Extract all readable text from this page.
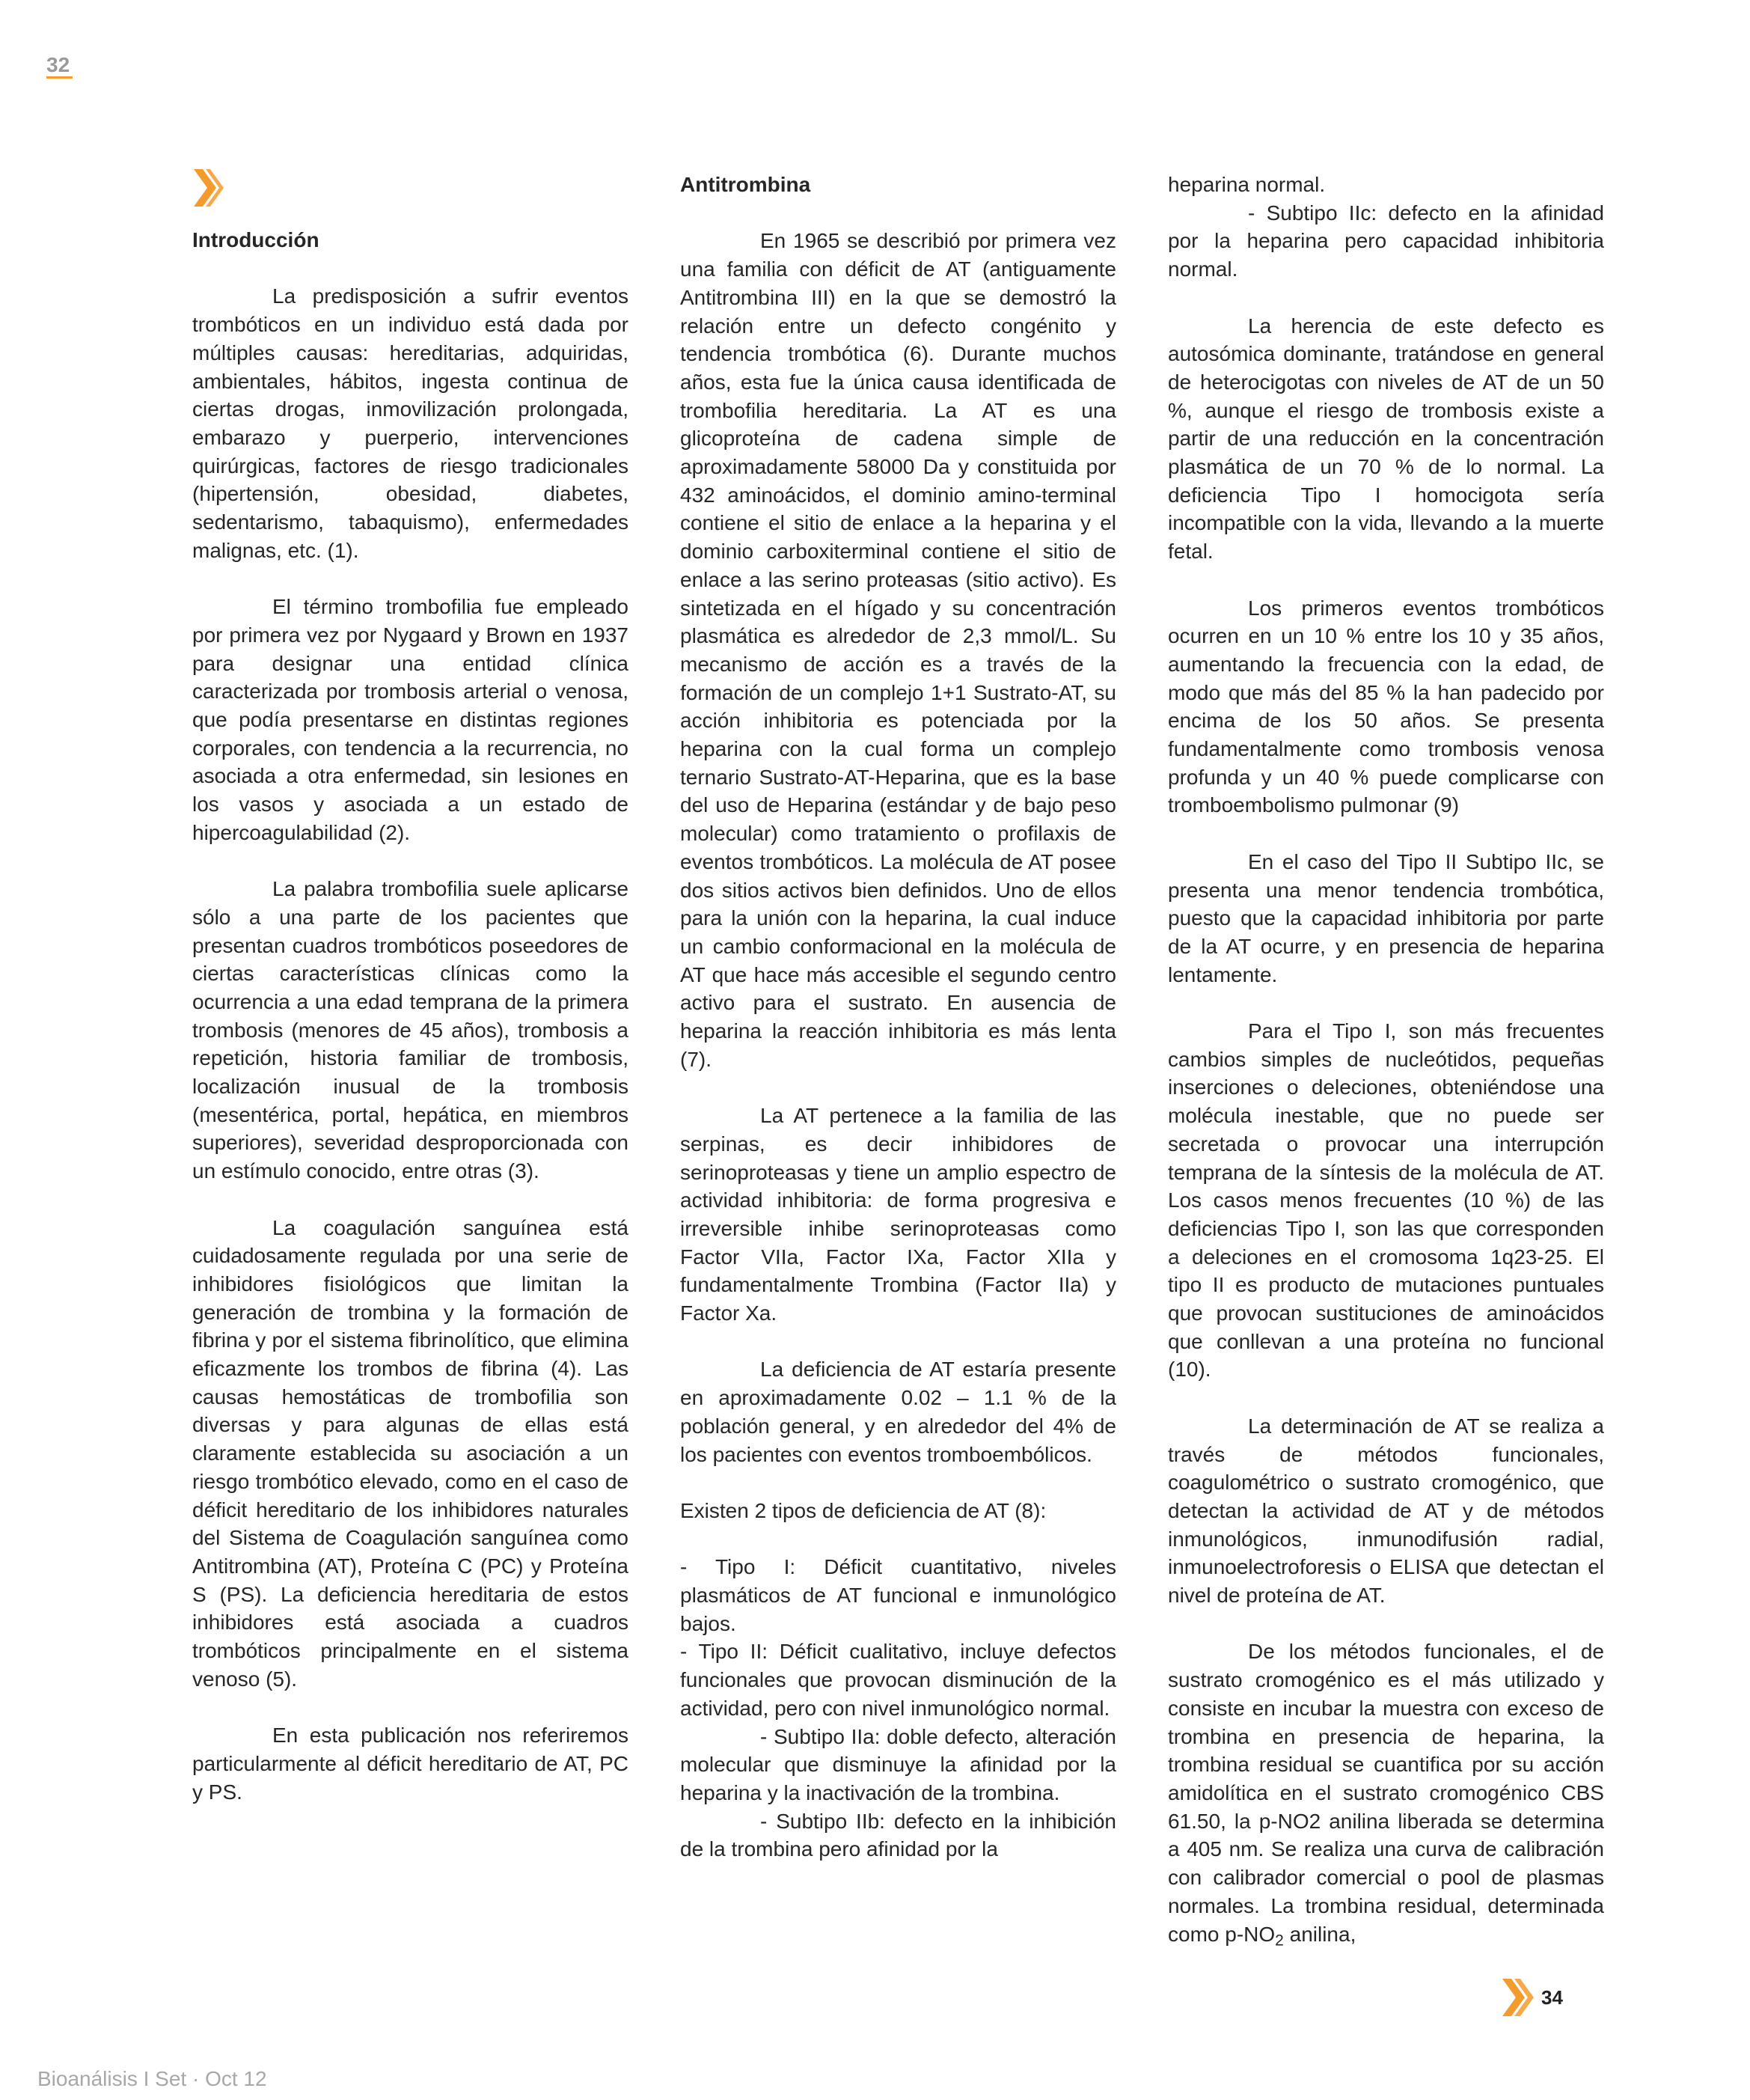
32

Introducción

La predisposición a sufrir eventos trombóticos en un individuo está dada por múltiples causas: hereditarias, adquiridas, ambientales, hábitos, ingesta continua de ciertas drogas, inmovilización prolongada, embarazo y puerperio, intervenciones quirúrgicas, factores de riesgo tradicionales (hipertensión, obesidad, diabetes, sedentarismo, tabaquismo), enfermedades malignas, etc. (1).

El término trombofilia fue empleado por primera vez por Nygaard y Brown en 1937 para designar una entidad clínica caracterizada por trombosis arterial o venosa, que podía presentarse en distintas regiones corporales, con tendencia a la recurrencia, no asociada a otra enfermedad, sin lesiones en los vasos y asociada a un estado de hipercoagulabilidad (2).

La palabra trombofilia suele aplicarse sólo a una parte de los pacientes que presentan cuadros trombóticos poseedores de ciertas características clínicas como la ocurrencia a una edad temprana de la primera trombosis (menores de 45 años), trombosis a repetición, historia familiar de trombosis, localización inusual de la trombosis (mesentérica, portal, hepática, en miembros superiores), severidad desproporcionada con un estímulo conocido, entre otras (3).

La coagulación sanguínea está cuidadosamente regulada por una serie de inhibidores fisiológicos que limitan la generación de trombina y la formación de fibrina y por el sistema fibrinolítico, que elimina eficazmente los trombos de fibrina (4). Las causas hemostáticas de trombofilia son diversas y para algunas de ellas está claramente establecida su asociación a un riesgo trombótico elevado, como en el caso de déficit hereditario de los inhibidores naturales del Sistema de Coagulación sanguínea como Antitrombina (AT), Proteína C (PC) y Proteína S (PS). La deficiencia hereditaria de estos inhibidores está asociada a cuadros trombóticos principalmente en el sistema venoso (5).

En esta publicación nos referiremos particularmente al déficit hereditario de AT, PC y PS.

Antitrombina

En 1965 se describió por primera vez una familia con déficit de AT (antiguamente Antitrombina III) en la que se demostró la relación entre un defecto congénito y tendencia trombótica (6). Durante muchos años, esta fue la única causa identificada de trombofilia hereditaria. La AT es una glicoproteína de cadena simple de aproximadamente 58000 Da y constituida por 432 aminoácidos, el dominio amino-terminal contiene el sitio de enlace a la heparina y el dominio carboxiterminal contiene el sitio de enlace a las serino proteasas (sitio activo). Es sintetizada en el hígado y su concentración plasmática es alrededor de 2,3 mmol/L. Su mecanismo de acción es a través de la formación de un complejo 1+1 Sustrato-AT, su acción inhibitoria es potenciada por la heparina con la cual forma un complejo ternario Sustrato-AT-Heparina, que es la base del uso de Heparina (estándar y de bajo peso molecular) como tratamiento o profilaxis de eventos trombóticos. La molécula de AT posee dos sitios activos bien definidos. Uno de ellos para la unión con la heparina, la cual induce un cambio conformacional en la molécula de AT que hace más accesible el segundo centro activo para el sustrato. En ausencia de heparina la reacción inhibitoria es más lenta (7).

La AT pertenece a la familia de las serpinas, es decir inhibidores de serinoproteasas y tiene un amplio espectro de actividad inhibitoria: de forma progresiva e irreversible inhibe serinoproteasas como Factor VIIa, Factor IXa, Factor XIIa y fundamentalmente Trombina (Factor IIa) y Factor Xa.

La deficiencia de AT estaría presente en aproximadamente 0.02 – 1.1 % de la población general, y en alrededor del 4% de los pacientes con eventos tromboembólicos.

Existen 2 tipos de deficiencia de AT (8):

- Tipo I: Déficit cuantitativo, niveles plasmáticos de AT funcional e inmunológico bajos.

- Tipo II: Déficit cualitativo, incluye defectos funcionales que provocan disminución de la actividad, pero con nivel inmunológico normal.

- Subtipo IIa: doble defecto, alteración molecular que disminuye la afinidad por la heparina y la inactivación de la trombina.

- Subtipo IIb: defecto en la inhibición de la trombina pero afinidad por la

heparina normal.

- Subtipo IIc: defecto en la afinidad por la heparina pero capacidad inhibitoria normal.

La herencia de este defecto es autosómica dominante, tratándose en general de heterocigotas con niveles de AT de un 50 %, aunque el riesgo de trombosis existe a partir de una reducción en la concentración plasmática de un 70 % de lo normal. La deficiencia Tipo I homocigota sería incompatible con la vida, llevando a la muerte fetal.

Los primeros eventos trombóticos ocurren en un 10 % entre los 10 y 35 años, aumentando la frecuencia con la edad, de modo que más del 85 % la han padecido por encima de los 50 años. Se presenta fundamentalmente como trombosis venosa profunda y un 40 % puede complicarse con tromboembolismo pulmonar (9)

En el caso del Tipo II Subtipo IIc, se presenta una menor tendencia trombótica, puesto que la capacidad inhibitoria por parte de la AT ocurre, y en presencia de heparina lentamente.

Para el Tipo I, son más frecuentes cambios simples de nucleótidos, pequeñas inserciones o deleciones, obteniéndose una molécula inestable, que no puede ser secretada o provocar una interrupción temprana de la síntesis de la molécula de AT. Los casos menos frecuentes (10 %) de las deficiencias Tipo I, son las que corresponden a deleciones en el cromosoma 1q23-25. El tipo II es producto de mutaciones puntuales que provocan sustituciones de aminoácidos que conllevan a una proteína no funcional (10).

La determinación de AT se realiza a través de métodos funcionales, coagulométrico o sustrato cromogénico, que detectan la actividad de AT y de métodos inmunológicos, inmunodifusión radial, inmunoelectroforesis o ELISA que detectan el nivel de proteína de AT.

De los métodos funcionales, el de sustrato cromogénico es el más utilizado y consiste en incubar la muestra con exceso de trombina en presencia de heparina, la trombina residual se cuantifica por su acción amidolítica en el sustrato cromogénico CBS 61.50, la p-NO2 anilina liberada se determina a 405 nm. Se realiza una curva de calibración con calibrador comercial o pool de plasmas normales. La trombina residual, determinada como $p-NO_2$ anilina,

34
Bioanálisis I Set · Oct 12
